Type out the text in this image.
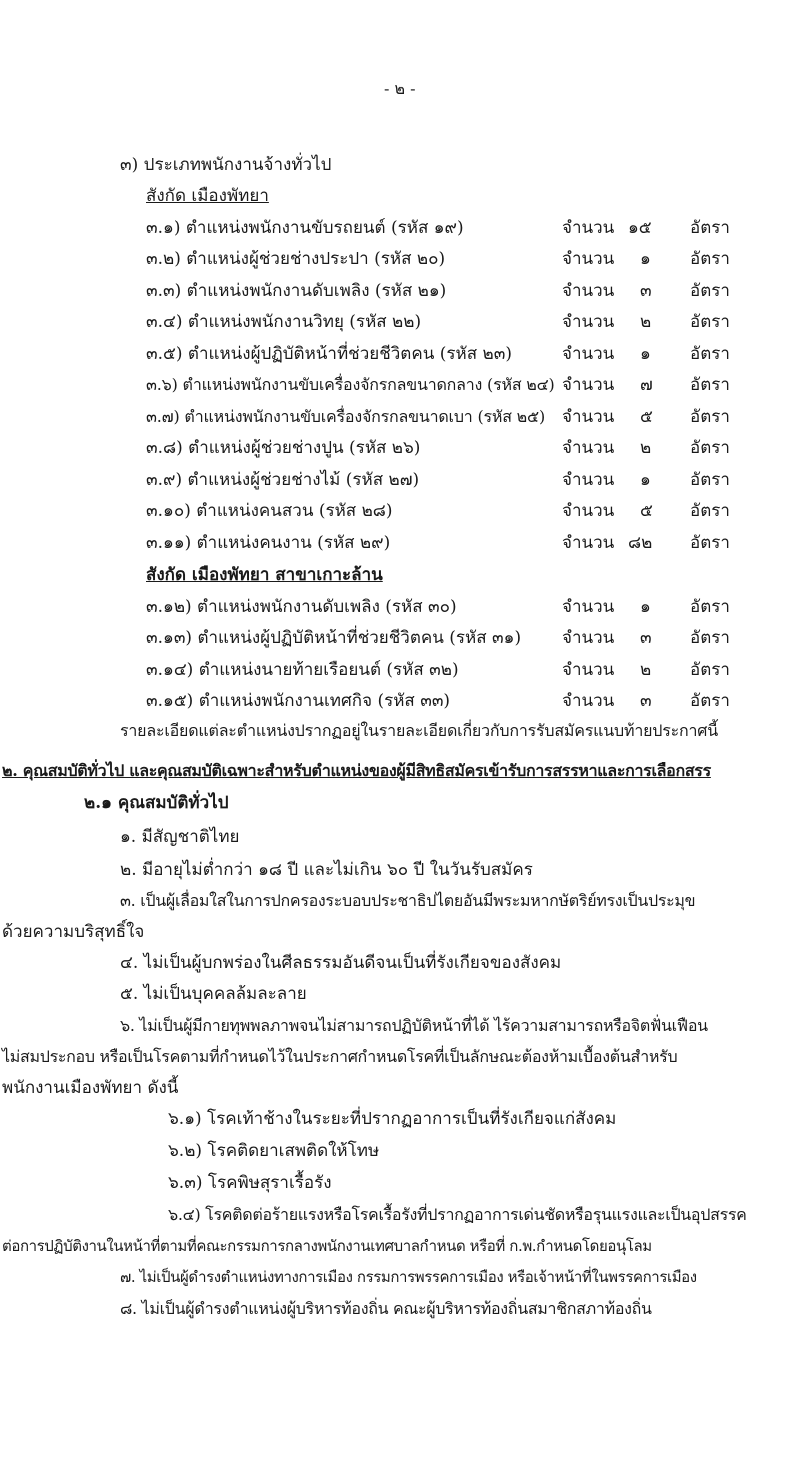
- ๒ -
๓) ประเภทพนักงานจ้างทั่วไป
สังกัด เมืองพัทยา
๓.๑) ตำแหน่งพนักงานขับรถยนต์ (รหัส ๑๙)	จำนวน ๑๕	อัตรา
๓.๒) ตำแหน่งผู้ช่วยช่างประปา (รหัส ๒๐)	จำนวน ๑	อัตรา
๓.๓) ตำแหน่งพนักงานดับเพลิง (รหัส ๒๑)	จำนวน ๓	อัตรา
๓.๔) ตำแหน่งพนักงานวิทยุ (รหัส ๒๒)	จำนวน ๒	อัตรา
๓.๕) ตำแหน่งผู้ปฏิบัติหน้าที่ช่วยชีวิตคน (รหัส ๒๓)	จำนวน ๑	อัตรา
๓.๖) ตำแหน่งพนักงานขับเครื่องจักรกลขนาดกลาง (รหัส ๒๔) จำนวน ๗	อัตรา
๓.๗) ตำแหน่งพนักงานขับเครื่องจักรกลขนาดเบา (รหัส ๒๕) จำนวน ๕	อัตรา
๓.๘) ตำแหน่งผู้ช่วยช่างปูน (รหัส ๒๖)	จำนวน ๒	อัตรา
๓.๙) ตำแหน่งผู้ช่วยช่างไม้ (รหัส ๒๗)	จำนวน ๑	อัตรา
๓.๑๐) ตำแหน่งคนสวน (รหัส ๒๘)	จำนวน ๕	อัตรา
๓.๑๑) ตำแหน่งคนงาน (รหัส ๒๙)	จำนวน ๘๒	อัตรา
สังกัด เมืองพัทยา สาขาเกาะล้าน
๓.๑๒) ตำแหน่งพนักงานดับเพลิง (รหัส ๓๐)	จำนวน ๑	อัตรา
๓.๑๓) ตำแหน่งผู้ปฏิบัติหน้าที่ช่วยชีวิตคน (รหัส ๓๑) จำนวน ๓	อัตรา
๓.๑๔) ตำแหน่งนายท้ายเรือยนต์ (รหัส ๓๒)	จำนวน ๒	อัตรา
๓.๑๕) ตำแหน่งพนักงานเทศกิจ (รหัส ๓๓)	จำนวน ๓	อัตรา
รายละเอียดแต่ละตำแหน่งปรากฏอยู่ในรายละเอียดเกี่ยวกับการรับสมัครแนบท้ายประกาศนี้
๒. คุณสมบัติทั่วไป และคุณสมบัติเฉพาะสำหรับตำแหน่งของผู้มีสิทธิสมัครเข้ารับการสรรหาและการเลือกสรร
๒.๑ คุณสมบัติทั่วไป
๑. มีสัญชาติไทย
๒. มีอายุไม่ต่ำกว่า ๑๘ ปี และไม่เกิน ๖๐ ปี ในวันรับสมัคร
๓. เป็นผู้เลื่อมใสในการปกครองระบอบประชาธิปไตยอันมีพระมหากษัตริย์ทรงเป็นประมุข
ด้วยความบริสุทธิ์ใจ
๔. ไม่เป็นผู้บกพร่องในศีลธรรมอันดีจนเป็นที่รังเกียจของสังคม
๕. ไม่เป็นบุคคลล้มละลาย
๖. ไม่เป็นผู้มีกายทุพพลภาพจนไม่สามารถปฏิบัติหน้าที่ได้ ไร้ความสามารถหรือจิตฟั่นเฟือน
ไม่สมประกอบ หรือเป็นโรคตามที่กำหนดไว้ในประกาศกำหนดโรคที่เป็นลักษณะต้องห้ามเบื้องต้นสำหรับ
พนักงานเมืองพัทยา ดังนี้
๖.๑) โรคเท้าช้างในระยะที่ปรากฏอาการเป็นที่รังเกียจแก่สังคม
๖.๒) โรคติดยาเสพติดให้โทษ
๖.๓) โรคพิษสุราเรื้อรัง
๖.๔) โรคติดต่อร้ายแรงหรือโรคเรื้อรังที่ปรากฏอาการเด่นชัดหรือรุนแรงและเป็นอุปสรรค
ต่อการปฏิบัติงานในหน้าที่ตามที่คณะกรรมการกลางพนักงานเทศบาลกำหนด หรือที่ ก.พ.กำหนดโดยอนุโลม
๗. ไม่เป็นผู้ดำรงตำแหน่งทางการเมือง กรรมการพรรคการเมือง หรือเจ้าหน้าที่ในพรรคการเมือง
๘. ไม่เป็นผู้ดำรงตำแหน่งผู้บริหารท้องถิ่น คณะผู้บริหารท้องถิ่นสมาชิกสภาท้องถิ่น
